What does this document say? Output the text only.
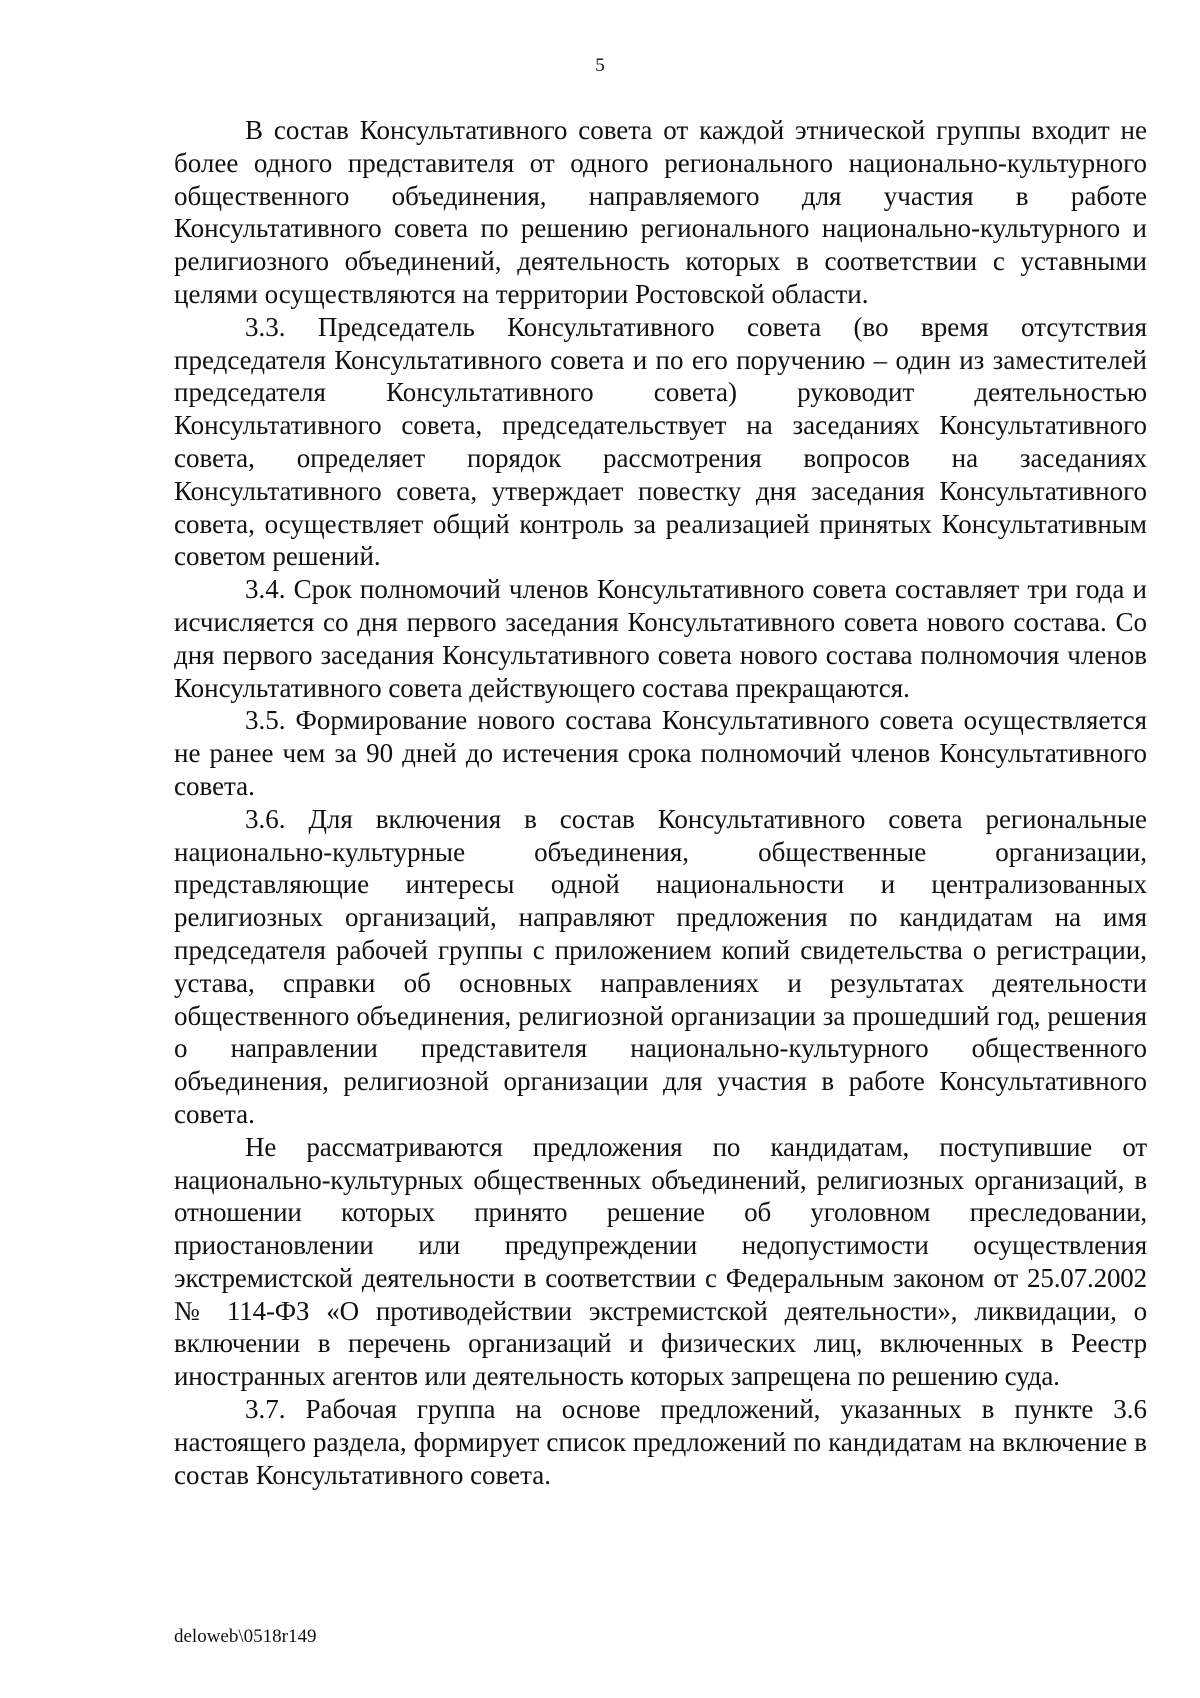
5

В состав Консультативного совета от каждой этнической группы входит не более одного представителя от одного регионального национально-культурного общественного объединения, направляемого для участия в работе Консультативного совета по решению регионального национально-культурного и религиозного объединений, деятельность которых в соответствии с уставными целями осуществляются на территории Ростовской области.

3.3. Председатель Консультативного совета (во время отсутствия председателя Консультативного совета и по его поручению – один из заместителей председателя Консультативного совета) руководит деятельностью Консультативного совета, председательствует на заседаниях Консультативного совета, определяет порядок рассмотрения вопросов на заседаниях Консультативного совета, утверждает повестку дня заседания Консультативного совета, осуществляет общий контроль за реализацией принятых Консультативным советом решений.

3.4. Срок полномочий членов Консультативного совета составляет три года и исчисляется со дня первого заседания Консультативного совета нового состава. Со дня первого заседания Консультативного совета нового состава полномочия членов Консультативного совета действующего состава прекращаются.

3.5. Формирование нового состава Консультативного совета осуществляется не ранее чем за 90 дней до истечения срока полномочий членов Консультативного совета.

3.6. Для включения в состав Консультативного совета региональные национально-культурные объединения, общественные организации, представляющие интересы одной национальности и централизованных религиозных организаций, направляют предложения по кандидатам на имя председателя рабочей группы с приложением копий свидетельства о регистрации, устава, справки об основных направлениях и результатах деятельности общественного объединения, религиозной организации за прошедший год, решения о направлении представителя национально-культурного общественного объединения, религиозной организации для участия в работе Консультативного совета.

Не рассматриваются предложения по кандидатам, поступившие от национально-культурных общественных объединений, религиозных организаций, в отношении которых принято решение об уголовном преследовании, приостановлении или предупреждении недопустимости осуществления экстремистской деятельности в соответствии с Федеральным законом от 25.07.2002 № 114-ФЗ «О противодействии экстремистской деятельности», ликвидации, о включении в перечень организаций и физических лиц, включенных в Реестр иностранных агентов или деятельность которых запрещена по решению суда.

3.7. Рабочая группа на основе предложений, указанных в пункте 3.6 настоящего раздела, формирует список предложений по кандидатам на включение в состав Консультативного совета.

deloweb\0518r149
